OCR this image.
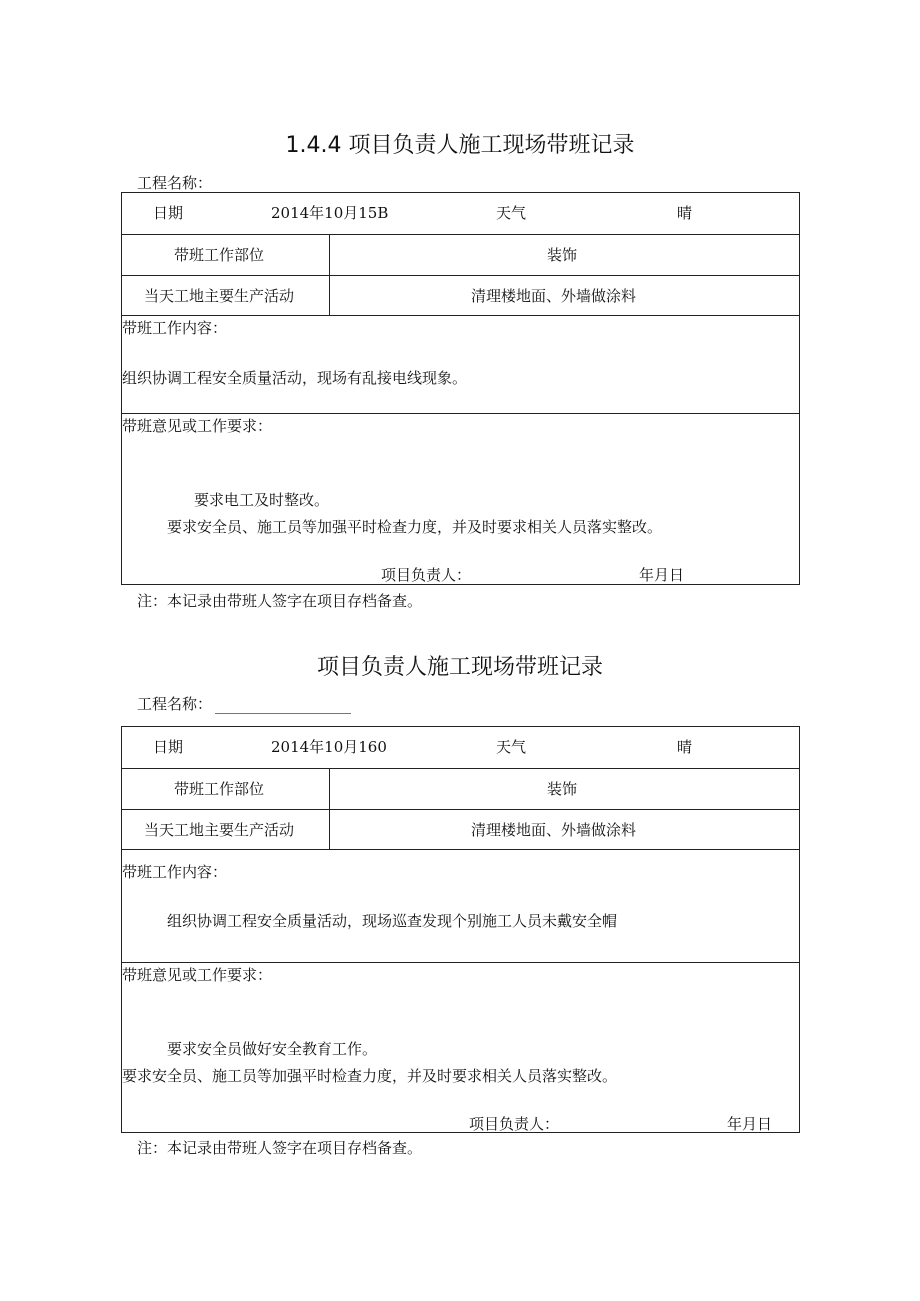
1.4.4 项目负责人施工现场带班记录
工程名称：
日期	2014年10月15B	天气	晴
带班工作部位	装饰
当天工地主要生产活动	清理楼地面、外墙做涂料
带班工作内容：
组织协调工程安全质量活动，现场有乱接电线现象。
带班意见或工作要求：
要求电工及时整改。
要求安全员、施工员等加强平时检查力度，并及时要求相关人员落实整改。
项目负责人：	年月日
注：本记录由带班人签字在项目存档备查。
项目负责人施工现场带班记录
工程名称：
日期	2014年10月160	天气	晴
带班工作部位	装饰
当天工地主要生产活动	清理楼地面、外墙做涂料
带班工作内容：
组织协调工程安全质量活动，现场巡查发现个别施工人员未戴安全帽
带班意见或工作要求：
要求安全员做好安全教育工作。
要求安全员、施工员等加强平时检查力度，并及时要求相关人员落实整改。
项目负责人：	年月日
注：本记录由带班人签字在项目存档备查。
